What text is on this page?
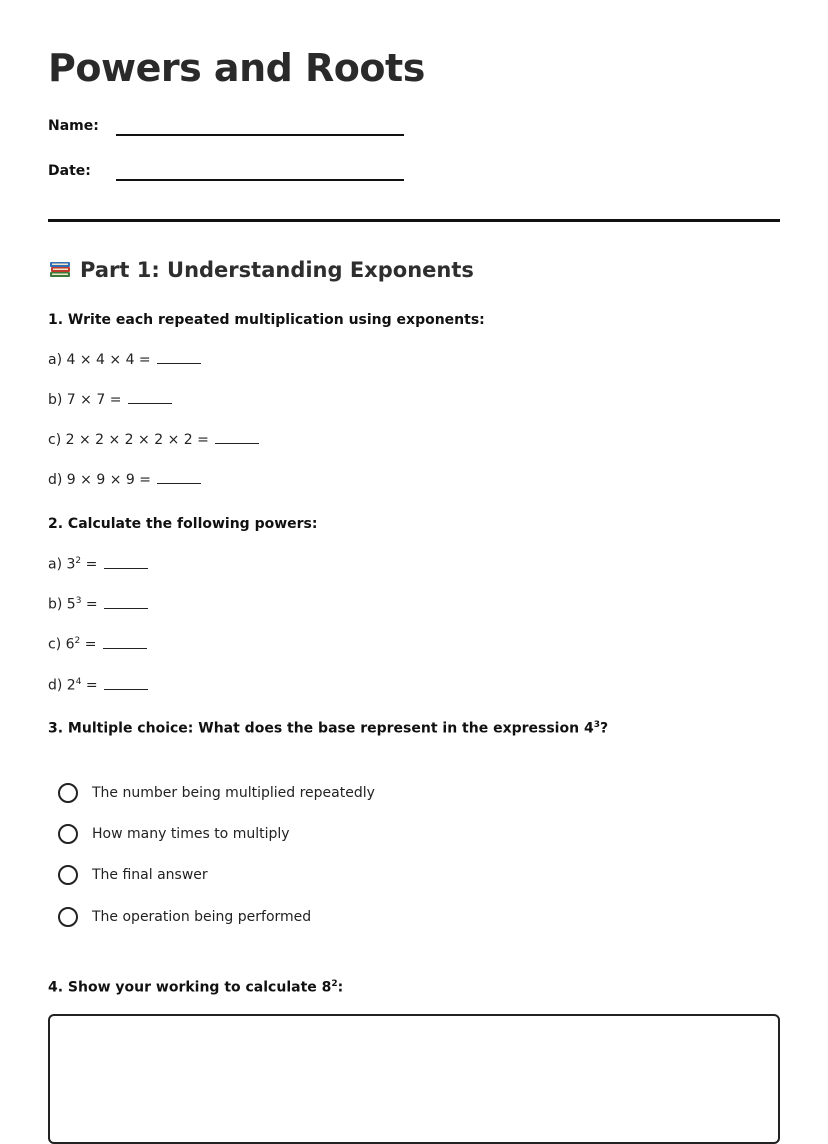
Powers and Roots
Name:
Date:
Part 1: Understanding Exponents
1. Write each repeated multiplication using exponents:
a) 4 × 4 × 4 =
b) 7 × 7 =
c) 2 × 2 × 2 × 2 × 2 =
d) 9 × 9 × 9 =
2. Calculate the following powers:
a) $3^2$ =
b) $5^3$ =
c) $6^2$ =
d) $2^4$ =
3. Multiple choice: What does the base represent in the expression $4^3$?
The number being multiplied repeatedly
How many times to multiply
The final answer
The operation being performed
4. Show your working to calculate $8^2$:
